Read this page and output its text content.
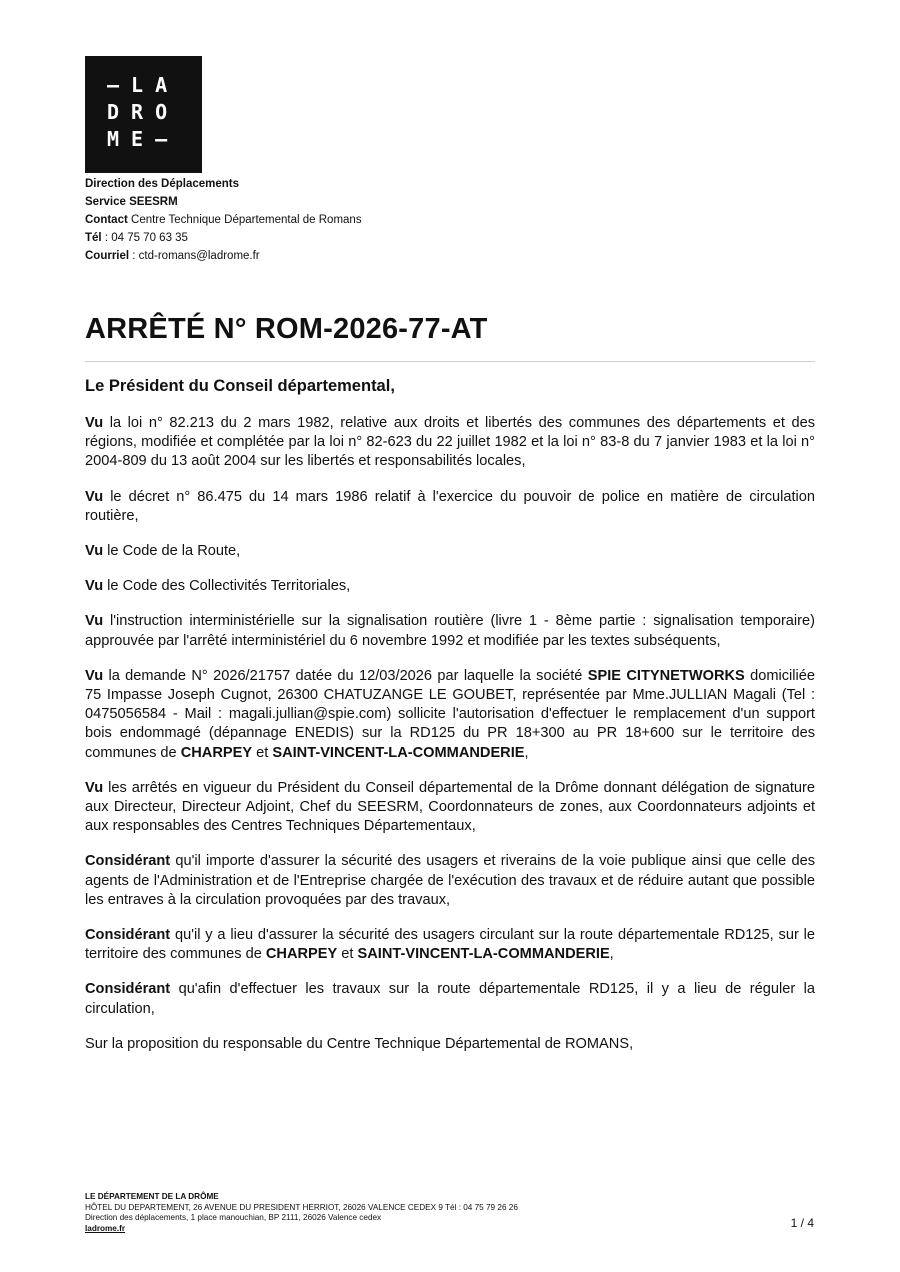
–LA
DRO
ME–
Direction des Déplacements
Service SEESRM
Contact Centre Technique Départemental de Romans
Tél : 04 75 70 63 35
Courriel : ctd-romans@ladrome.fr
ARRÊTÉ N° ROM-2026-77-AT
Le Président du Conseil départemental,

Vu la loi n° 82.213 du 2 mars 1982, relative aux droits et libertés des communes des départements et des régions, modifiée et complétée par la loi n° 82-623 du 22 juillet 1982 et la loi n° 83-8 du 7 janvier 1983 et la loi n° 2004-809 du 13 août 2004 sur les libertés et responsabilités locales,

Vu le décret n° 86.475 du 14 mars 1986 relatif à l'exercice du pouvoir de police en matière de circulation routière,

Vu le Code de la Route,

Vu le Code des Collectivités Territoriales,

Vu l'instruction interministérielle sur la signalisation routière (livre 1 - 8ème partie : signalisation temporaire) approuvée par l'arrêté interministériel du 6 novembre 1992 et modifiée par les textes subséquents,

Vu la demande N° 2026/21757 datée du 12/03/2026 par laquelle la société SPIE CITYNETWORKS domiciliée 75 Impasse Joseph Cugnot, 26300 CHATUZANGE LE GOUBET, représentée par Mme.JULLIAN Magali (Tel : 0475056584 - Mail : magali.jullian@spie.com) sollicite l'autorisation d'effectuer le remplacement d'un support bois endommagé (dépannage ENEDIS) sur la RD125 du PR 18+300 au PR 18+600 sur le territoire des communes de CHARPEY et SAINT-VINCENT-LA-COMMANDERIE,

Vu les arrêtés en vigueur du Président du Conseil départemental de la Drôme donnant délégation de signature aux Directeur, Directeur Adjoint, Chef du SEESRM, Coordonnateurs de zones, aux Coordonnateurs adjoints et aux responsables des Centres Techniques Départementaux,

Considérant qu'il importe d'assurer la sécurité des usagers et riverains de la voie publique ainsi que celle des agents de l'Administration et de l'Entreprise chargée de l'exécution des travaux et de réduire autant que possible les entraves à la circulation provoquées par des travaux,

Considérant qu'il y a lieu d'assurer la sécurité des usagers circulant sur la route départementale RD125, sur le territoire des communes de CHARPEY et SAINT-VINCENT-LA-COMMANDERIE,

Considérant qu'afin d'effectuer les travaux sur la route départementale RD125, il y a lieu de réguler la circulation,

Sur la proposition du responsable du Centre Technique Départemental de ROMANS,

LE DÉPARTEMENT DE LA DRÔME
HÔTEL DU DEPARTEMENT, 26 AVENUE DU PRESIDENT HERRIOT, 26026 VALENCE CEDEX 9 Tél : 04 75 79 26 26
Direction des déplacements, 1 place manouchian, BP 2111, 26026 Valence cedex
ladrome.fr	1 / 4
